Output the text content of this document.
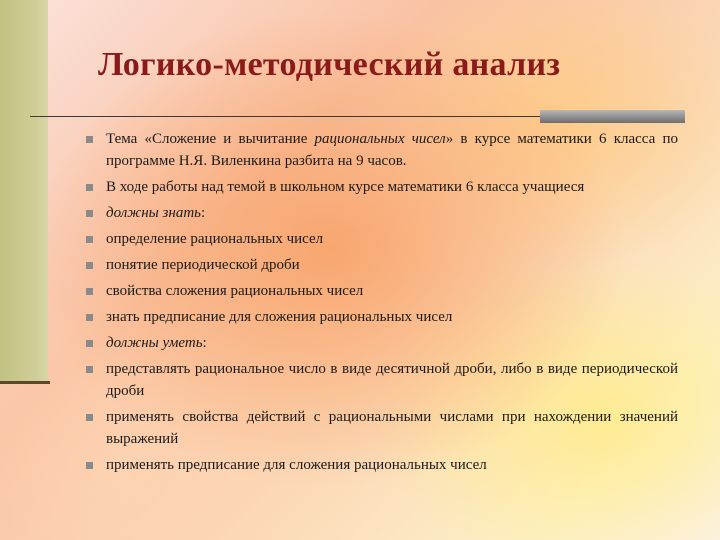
Логико-методический анализ
Тема «Сложение и вычитание рациональных чисел» в курсе математики 6 класса по программе Н.Я. Виленкина разбита на 9 часов.
В ходе работы над темой в школьном курсе математики 6 класса учащиеся
должны знать:
определение рациональных чисел
понятие периодической дроби
свойства сложения рациональных чисел
знать предписание для сложения рациональных чисел
должны уметь:
представлять рациональное число в виде десятичной дроби, либо в виде периодической дроби
применять свойства действий с рациональными числами при нахождении значений выражений
применять предписание для сложения рациональных чисел
